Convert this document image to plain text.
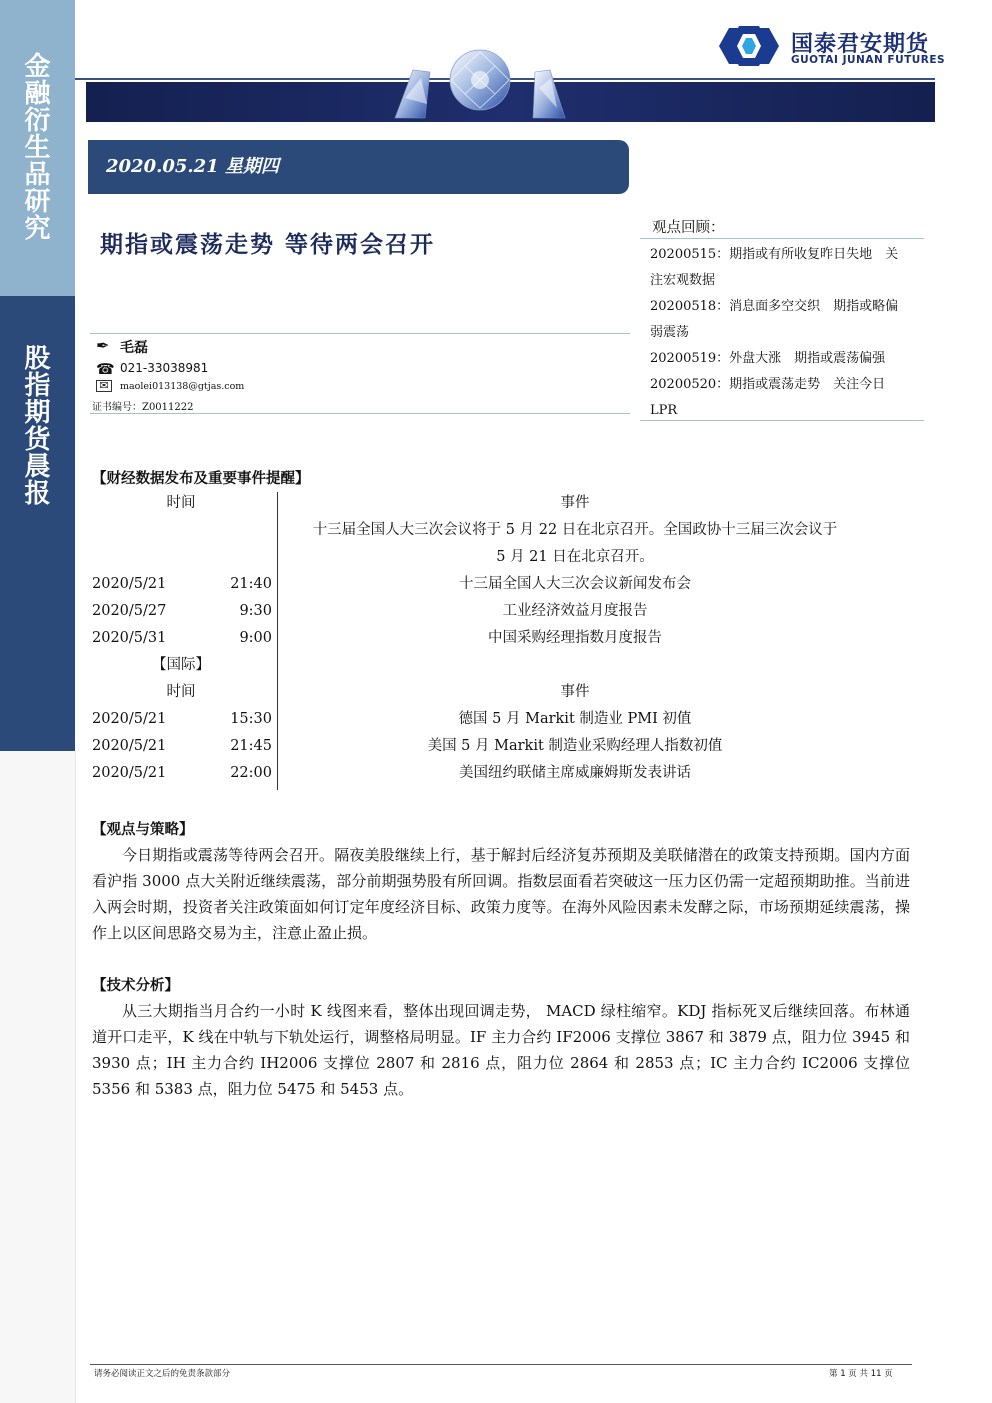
金
融
衍
生
品
研
究
股
指
期
货
晨
报
国泰君安期货
GUOTAI JUNAN FUTURES
2020.05.21 星期四
期指或震荡走势 等待两会召开
✒ 毛磊
☎ 021-33038981
✉	maolei013138@gtjas.com
证书编号：Z0011222
观点回顾：
20200515：期指或有所收复昨日失地　关
注宏观数据
20200518：消息面多空交织　期指或略偏
弱震荡
20200519：外盘大涨　期指或震荡偏强
20200520：期指或震荡走势　关注今日
LPR
【财经数据发布及重要事件提醒】
时间	事件
十三届全国人大三次会议将于 5 月 22 日在北京召开。全国政协十三届三次会议于
5 月 21 日在北京召开。
2020/5/21	21:40	十三届全国人大三次会议新闻发布会
2020/5/27	9:30	工业经济效益月度报告
2020/5/31	9:00	中国采购经理指数月度报告
【国际】
时间	事件
2020/5/21	15:30	德国 5 月 Markit 制造业 PMI 初值
2020/5/21	21:45	美国 5 月 Markit 制造业采购经理人指数初值
2020/5/21	22:00	美国纽约联储主席威廉姆斯发表讲话
【观点与策略】
今日期指或震荡等待两会召开。隔夜美股继续上行，基于解封后经济复苏预期及美联储潜在的政策支持预期。国内方面看沪指 3000 点大关附近继续震荡，部分前期强势股有所回调。指数层面看若突破这一压力区仍需一定超预期助推。当前进入两会时期，投资者关注政策面如何订定年度经济目标、政策力度等。在海外风险因素未发酵之际，市场预期延续震荡，操作上以区间思路交易为主，注意止盈止损。
【技术分析】
从三大期指当月合约一小时 K 线图来看，整体出现回调走势， MACD 绿柱缩窄。KDJ 指标死叉后继续回落。布林通道开口走平，K 线在中轨与下轨处运行，调整格局明显。IF 主力合约 IF2006 支撑位 3867 和 3879 点，阻力位 3945 和 3930 点；IH 主力合约 IH2006 支撑位 2807 和 2816 点，阻力位 2864 和 2853 点；IC 主力合约 IC2006 支撑位 5356 和 5383 点，阻力位 5475 和 5453 点。
请务必阅读正文之后的免责条款部分	第 1 页 共 11 页
